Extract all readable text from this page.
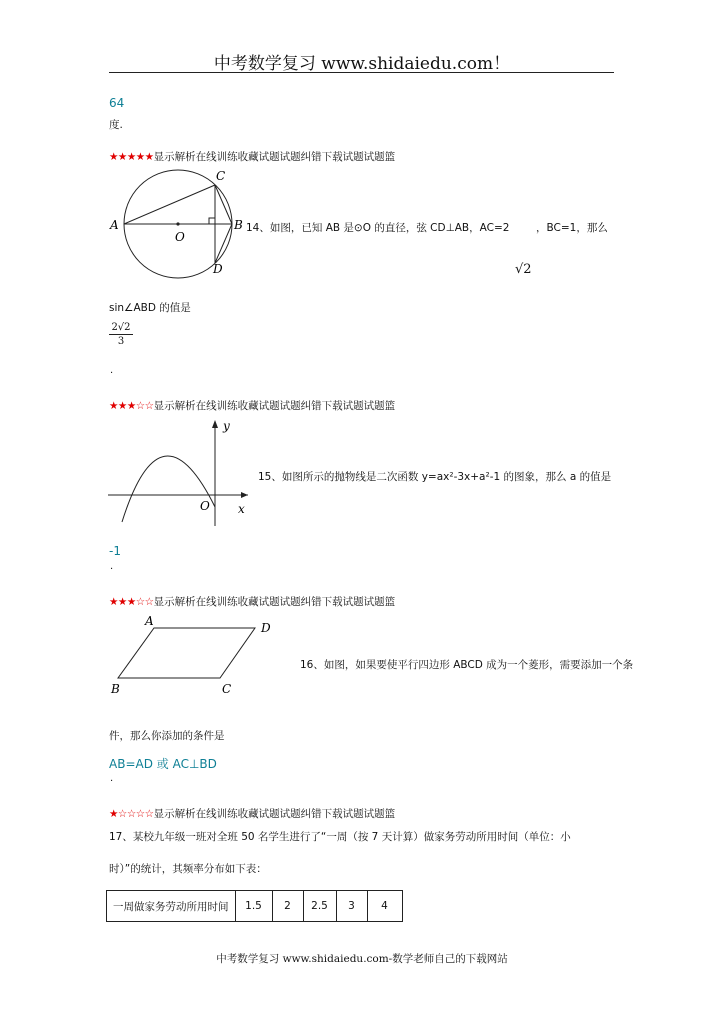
中考数学复习 www.shidaiedu.com！
64
度.
★★★★★显示解析在线训练收藏试题试题纠错下载试题试题篮
A	B
C
D
O
14、如图，已知 AB 是⊙O 的直径，弦 CD⊥AB，AC=2	，BC=1，那么
√2
sin∠ABD 的值是
2√2
3
.
★★★☆☆显示解析在线训练收藏试题试题纠错下载试题试题篮
y
x
O
15、如图所示的抛物线是二次函数 y=ax²-3x+a²-1 的图象，那么 a 的值是
-1
.
★★★☆☆显示解析在线训练收藏试题试题纠错下载试题试题篮
A	D
B	C
16、如图，如果要使平行四边形 ABCD 成为一个菱形，需要添加一个条
件，那么你添加的条件是
AB=AD 或 AC⊥BD
.
★☆☆☆☆显示解析在线训练收藏试题试题纠错下载试题试题篮
17、某校九年级一班对全班 50 名学生进行了“一周（按 7 天计算）做家务劳动所用时间（单位：小
时）”的统计，其频率分布如下表：
一周做家务劳动所用时间	1.5	2	2.5	3	4
中考数学复习 www.shidaiedu.com-数学老师自己的下载网站
